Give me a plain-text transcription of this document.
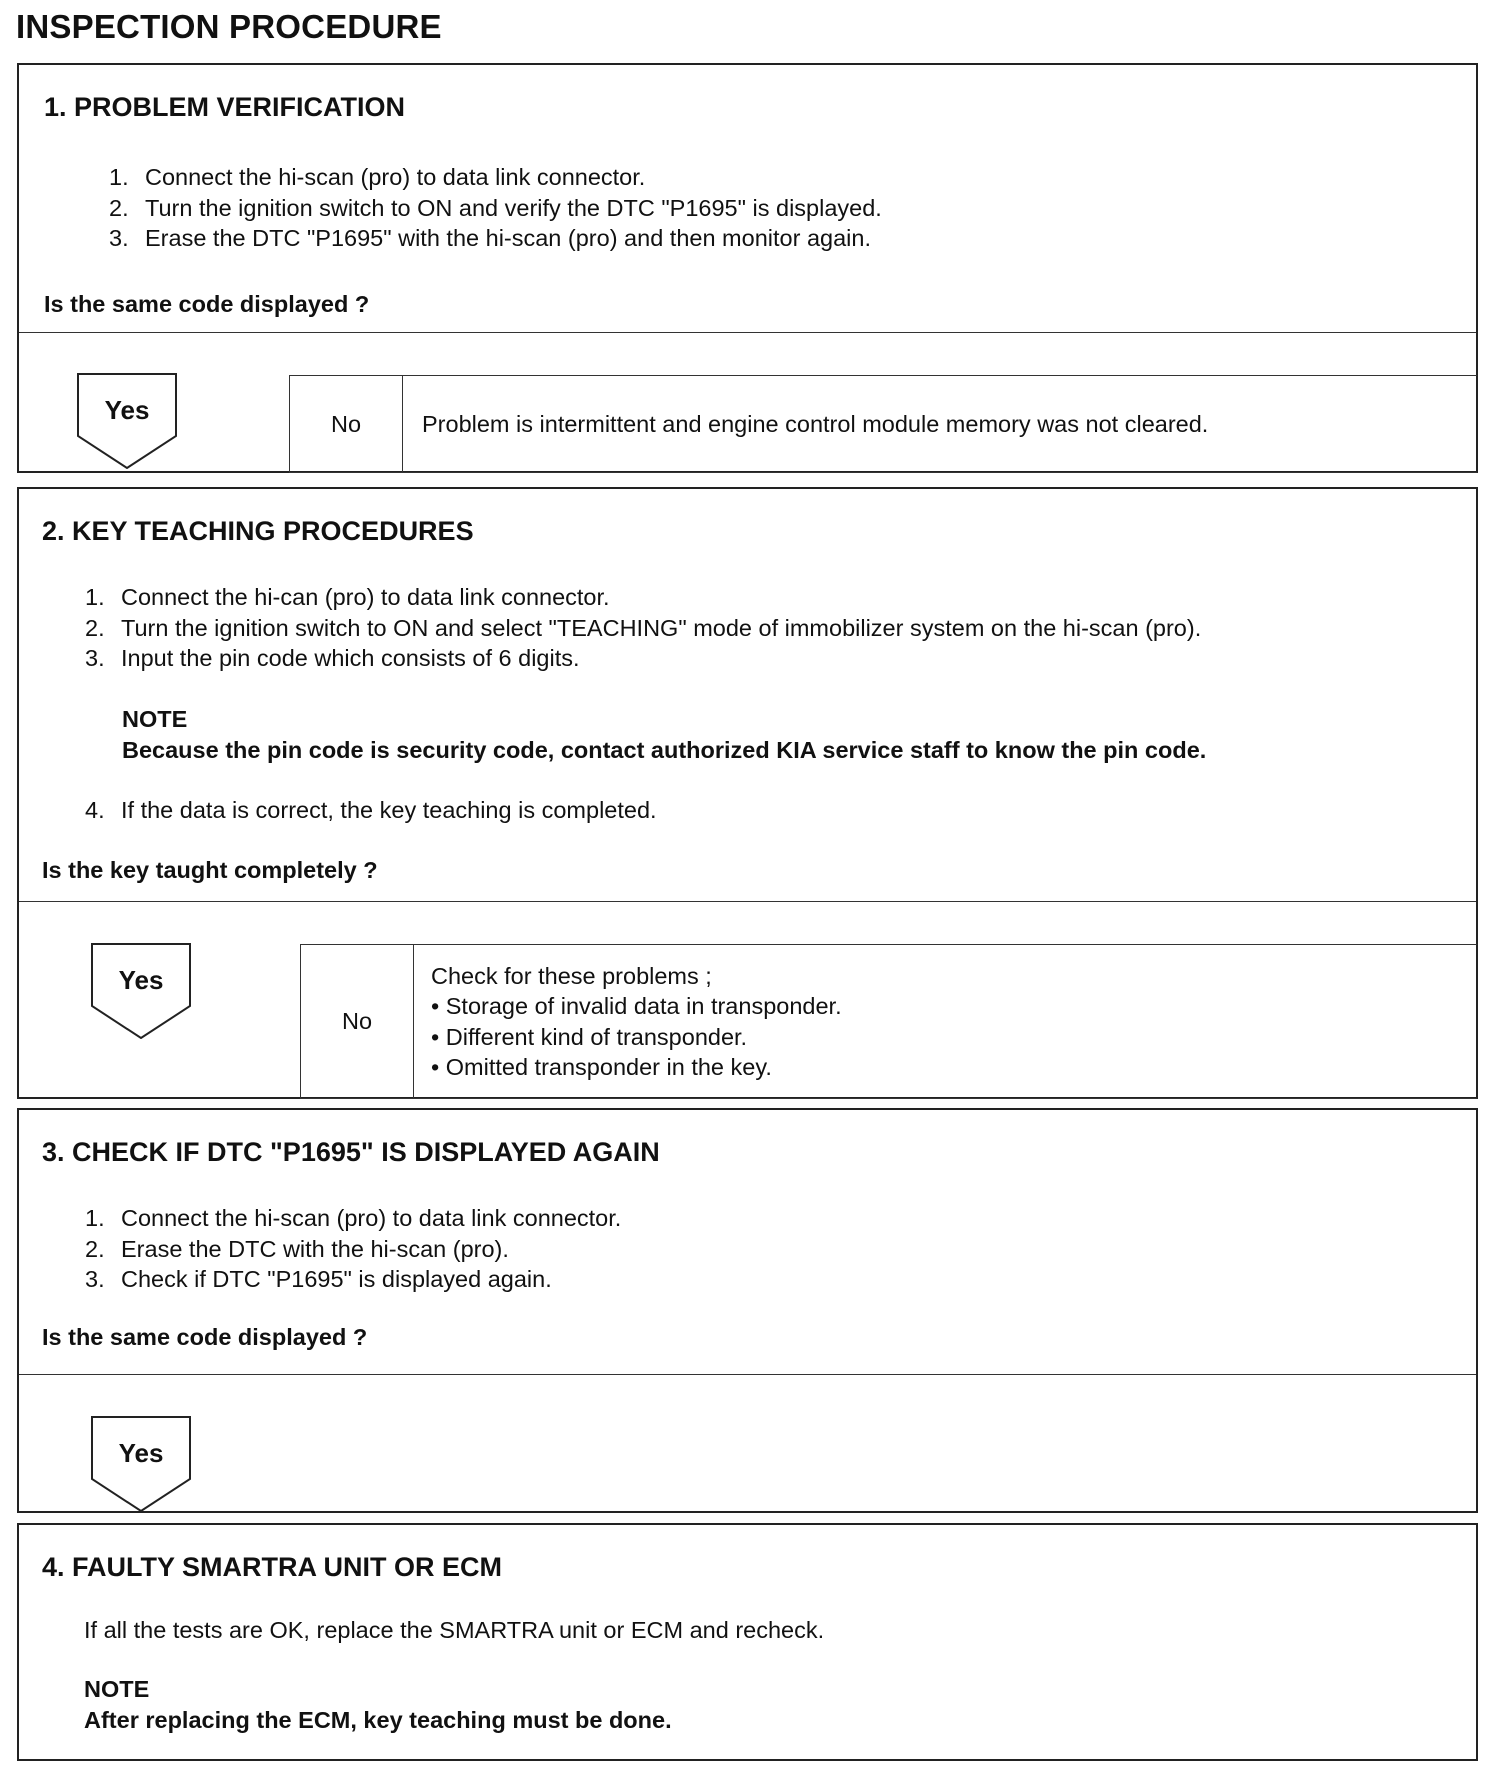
INSPECTION PROCEDURE
1. PROBLEM VERIFICATION
1. Connect the hi-scan (pro) to data link connector.
2. Turn the ignition switch to ON and verify the DTC "P1695" is displayed.
3. Erase the DTC "P1695" with the hi-scan (pro) and then monitor again.

Is the same code displayed ?

Yes	No	Problem is intermittent and engine control module memory was not cleared.
2. KEY TEACHING PROCEDURES
1. Connect the hi-can (pro) to data link connector.
2. Turn the ignition switch to ON and select "TEACHING" mode of immobilizer system on the hi-scan (pro).
3. Input the pin code which consists of 6 digits.
NOTE
Because the pin code is security code, contact authorized KIA service staff to know the pin code.
4. If the data is correct, the key teaching is completed.

Is the key taught completely ?

Yes
No
Check for these problems ;
• Storage of invalid data in transponder.
• Different kind of transponder.
• Omitted transponder in the key.
3. CHECK IF DTC "P1695" IS DISPLAYED AGAIN
1. Connect the hi-scan (pro) to data link connector.
2. Erase the DTC with the hi-scan (pro).
3. Check if DTC "P1695" is displayed again.

Is the same code displayed ?

Yes
4. FAULTY SMARTRA UNIT OR ECM

If all the tests are OK, replace the SMARTRA unit or ECM and recheck.

NOTE
After replacing the ECM, key teaching must be done.
